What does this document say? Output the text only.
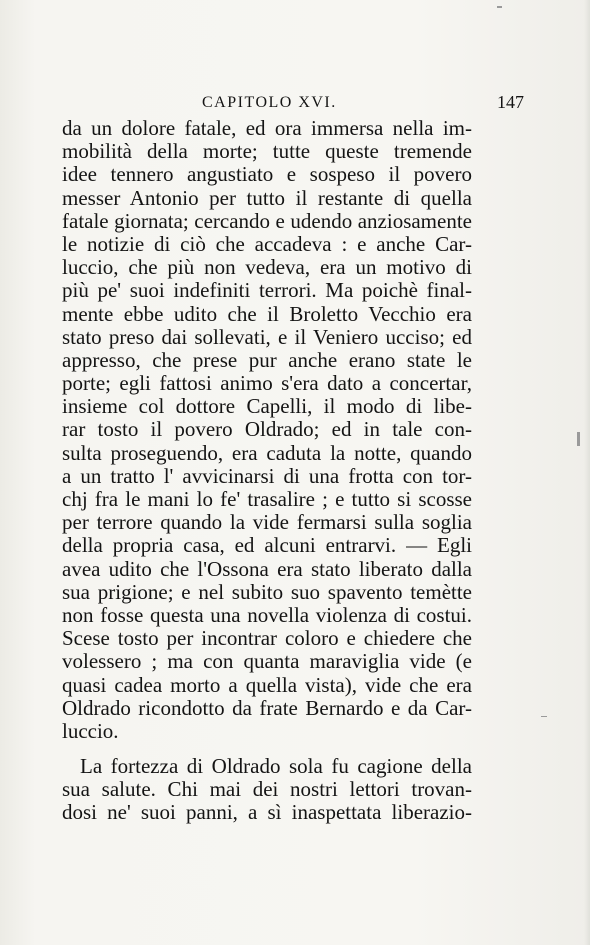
CAPITOLO XVI.	147
da un dolore fatale, ed ora immersa nella im-
mobilità della morte; tutte queste tremende
idee tennero angustiato e sospeso il povero
messer Antonio per tutto il restante di quella
fatale giornata; cercando e udendo anziosamente
le notizie di ciò che accadeva : e anche Car-
luccio, che più non vedeva, era un motivo di
più pe' suoi indefiniti terrori. Ma poichè final-
mente ebbe udito che il Broletto Vecchio era
stato preso dai sollevati, e il Veniero ucciso; ed
appresso, che prese pur anche erano state le
porte; egli fattosi animo s'era dato a concertar,
insieme col dottore Capelli, il modo di libe-
rar tosto il povero Oldrado; ed in tale con-
sulta proseguendo, era caduta la notte, quando
a un tratto l' avvicinarsi di una frotta con tor-
chj fra le mani lo fe' trasalire ; e tutto si scosse
per terrore quando la vide fermarsi sulla soglia
della propria casa, ed alcuni entrarvi. — Egli
avea udito che l'Ossona era stato liberato dalla
sua prigione; e nel subito suo spavento temètte
non fosse questa una novella violenza di costui.
Scese tosto per incontrar coloro e chiedere che
volessero ; ma con quanta maraviglia vide (e
quasi cadea morto a quella vista), vide che era
Oldrado ricondotto da frate Bernardo e da Car-
luccio.
La fortezza di Oldrado sola fu cagione della
sua salute. Chi mai dei nostri lettori trovan-
dosi ne' suoi panni, a sì inaspettata liberazio-
